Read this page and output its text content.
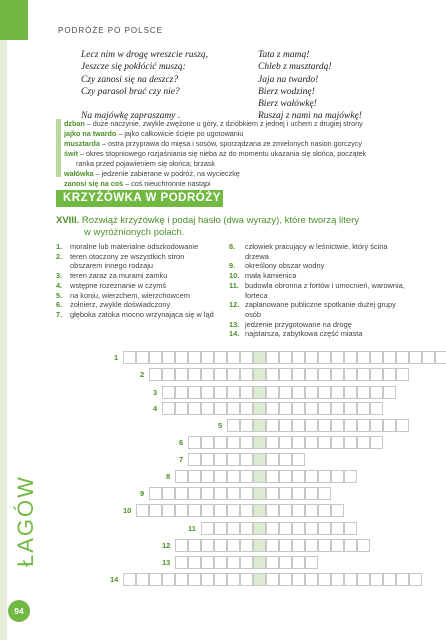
PODRÓŻE PO POLSCE
Lecz nim w drogę wreszcie ruszą,
Jeszcze się pokłócić muszą:
Czy zanosi się na deszcz?
Czy parasol brać czy nie?
Na majówkę zapraszamy .
Tata z mamą!
Chleb z musztardą!
Jaja na twardo!
Bierz wodzinę!
Bierz wałówkę!
Ruszaj z nami na majówkę!
dzban – duże naczynie, zwykle zwężone u góry, z dzióbkiem z jednej i uchem z drugiej strony
jajko na twardo – jajko całkowicie ścięte po ugotowaniu
musztarda – ostra przyprawa do mięsa i sosów, sporządzana ze zmielonych nasion gorczycy
świt – okres stopniowego rozjaśniania się nieba aż do momentu ukazania się słońca, początek
ranka przed pojawieniem się słońca; brzask
wałówka – jedzenie zabierane w podróż, na wycieczkę
zanosi się na coś – coś nieuchronnie nastąpi
KRZYŻÓWKA W PODRÓŻY
XVIII. Rozwiąż krzyżówkę i podaj hasło (dwa wyrazy), które tworzą litery
w wyróżnionych polach.
1.	moralne lub materialne odszkodowanie
2.	teren otoczony ze wszystkich stron obszarem innego rodzaju
3.	teren zaraz za murami zamku
4.	wstępne rozeznanie w czymś
5.	na koniu, wierzchem, wierzchowcem
6.	żołnierz, zwykle doświadczony
7.	głęboka zatoka mocno wrzynająca się w ląd
8.	człowiek pracujący w leśnictwie, który ścina drzewa
9.	określony obszar wodny
10. mała kamienica
11. budowla obronna z fortów i umocnień, warownia, forteca
12. zaplanowane publiczne spotkanie dużej grupy osób
13. jedzenie przygotowane na drogę
14. najstarsza, zabytkowa część miasta
1
2
3
4
5
6
7
8
9
10
11
12
13
14
ŁAGÓW
94
